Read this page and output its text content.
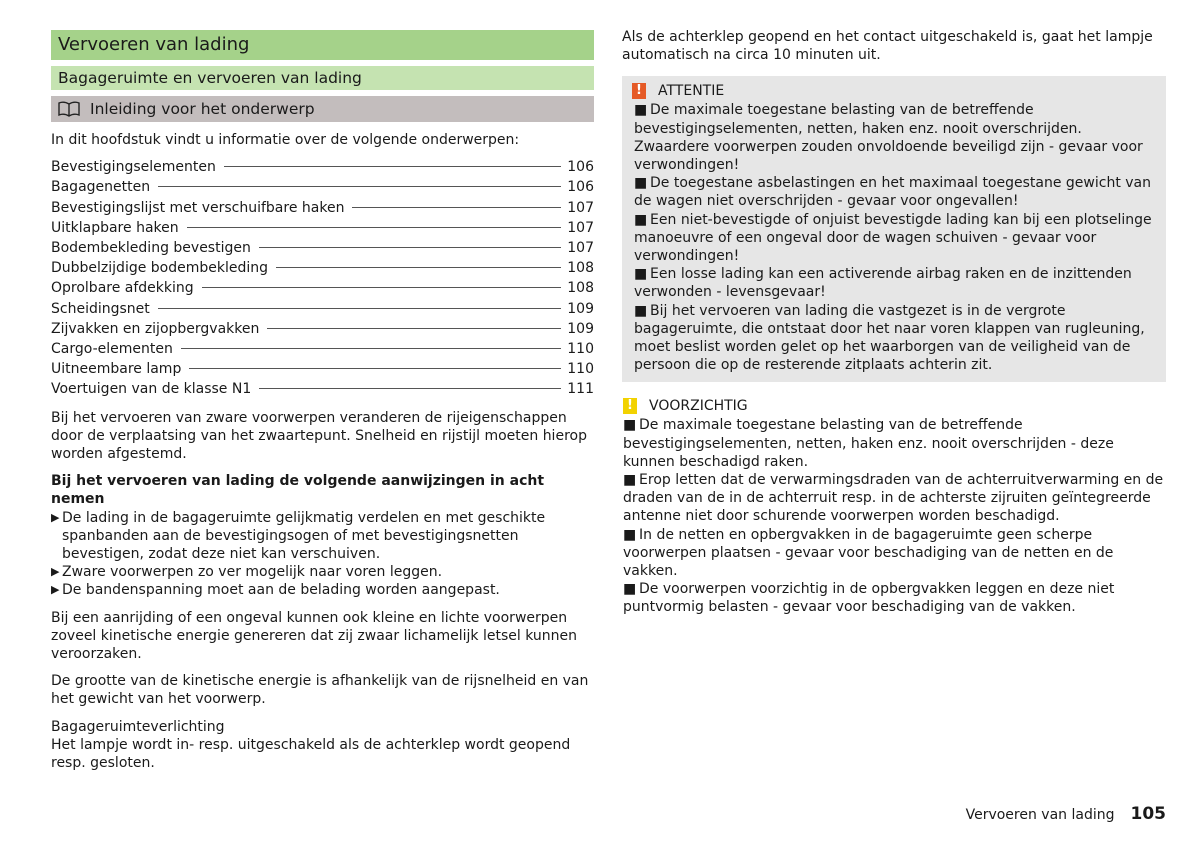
Vervoeren van lading
Bagageruimte en vervoeren van lading
Inleiding voor het onderwerp

In dit hoofdstuk vindt u informatie over de volgende onderwerpen:

Bevestigingselementen	106
Bagagenetten	106
Bevestigingslijst met verschuifbare haken	107
Uitklapbare haken	107
Bodembekleding bevestigen	107
Dubbelzijdige bodembekleding	108
Oprolbare afdekking	108
Scheidingsnet	109
Zijvakken en zijopbergvakken	109
Cargo-elementen	110
Uitneembare lamp	110
Voertuigen van de klasse N1	111

Bij het vervoeren van zware voorwerpen veranderen de rijeigenschappen door de verplaatsing van het zwaartepunt. Snelheid en rijstijl moeten hierop worden afgestemd.

Bij het vervoeren van lading de volgende aanwijzingen in acht nemen
▶ De lading in de bagageruimte gelijkmatig verdelen en met geschikte spanbanden aan de bevestigingsogen of met bevestigingsnetten bevestigen, zodat deze niet kan verschuiven.
▶ Zware voorwerpen zo ver mogelijk naar voren leggen.
▶ De bandenspanning moet aan de belading worden aangepast.

Bij een aanrijding of een ongeval kunnen ook kleine en lichte voorwerpen zoveel kinetische energie genereren dat zij zwaar lichamelijk letsel kunnen veroorzaken.

De grootte van de kinetische energie is afhankelijk van de rijsnelheid en van het gewicht van het voorwerp.

Bagageruimteverlichting

Het lampje wordt in- resp. uitgeschakeld als de achterklep wordt geopend resp. gesloten.

Als de achterklep geopend en het contact uitgeschakeld is, gaat het lampje automatisch na circa 10 minuten uit.

! ATTENTIE
■ De maximale toegestane belasting van de betreffende bevestigingselementen, netten, haken enz. nooit overschrijden. Zwaardere voorwerpen zouden onvoldoende beveiligd zijn - gevaar voor verwondingen!
■ De toegestane asbelastingen en het maximaal toegestane gewicht van de wagen niet overschrijden - gevaar voor ongevallen!
■ Een niet-bevestigde of onjuist bevestigde lading kan bij een plotselinge manoeuvre of een ongeval door de wagen schuiven - gevaar voor verwondingen!
■ Een losse lading kan een activerende airbag raken en de inzittenden verwonden - levensgevaar!
■ Bij het vervoeren van lading die vastgezet is in de vergrote bagageruimte, die ontstaat door het naar voren klappen van rugleuning, moet beslist worden gelet op het waarborgen van de veiligheid van de persoon die op de resterende zitplaats achterin zit.
! VOORZICHTIG
■ De maximale toegestane belasting van de betreffende bevestigingselementen, netten, haken enz. nooit overschrijden - deze kunnen beschadigd raken.
■ Erop letten dat de verwarmingsdraden van de achterruitverwarming en de draden van de in de achterruit resp. in de achterste zijruiten geïntegreerde antenne niet door schurende voorwerpen worden beschadigd.
■ In de netten en opbergvakken in de bagageruimte geen scherpe voorwerpen plaatsen - gevaar voor beschadiging van de netten en de vakken.
■ De voorwerpen voorzichtig in de opbergvakken leggen en deze niet puntvormig belasten - gevaar voor beschadiging van de vakken.
Vervoeren van lading 105
